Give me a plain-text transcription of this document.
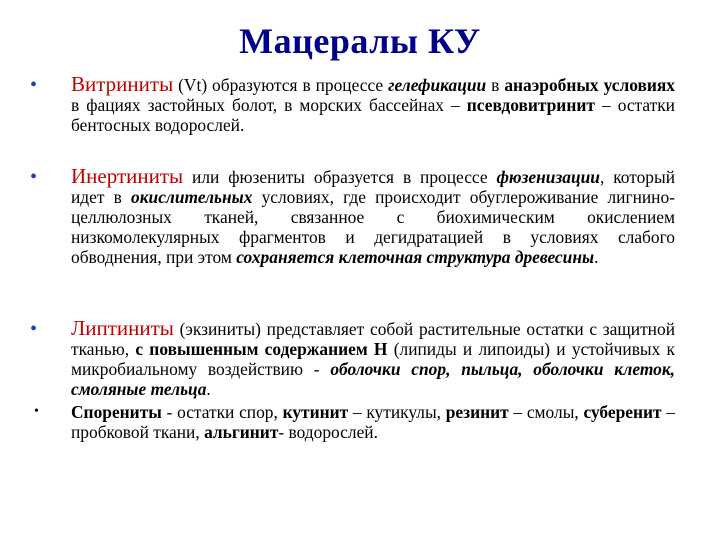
Мацералы КУ
• Витриниты (Vt) образуются в процессе гелефикации в анаэробных условиях в фациях застойных болот, в морских бассейнах – псевдовитринит – остатки бентосных водорослей.
• Инертиниты или фюзениты образуется в процессе фюзенизации, который идет в окислительных условиях, где происходит обуглероживание лигнино-целлюлозных тканей, связанное с биохимическим окислением низкомолекулярных фрагментов и дегидратацией в условиях слабого обводнения, при этом сохраняется клеточная структура древесины.
• Липтиниты (экзиниты) представляет собой растительные остатки с защитной тканью, с повышенным содержанием Н (липиды и липоиды) и устойчивых к микробиальному воздействию - оболочки спор, пыльца, оболочки клеток, смоляные тельца.
• Спорениты - остатки спор, кутинит – кутикулы, резинит – смолы, суберенит – пробковой ткани, альгинит- водорослей.
